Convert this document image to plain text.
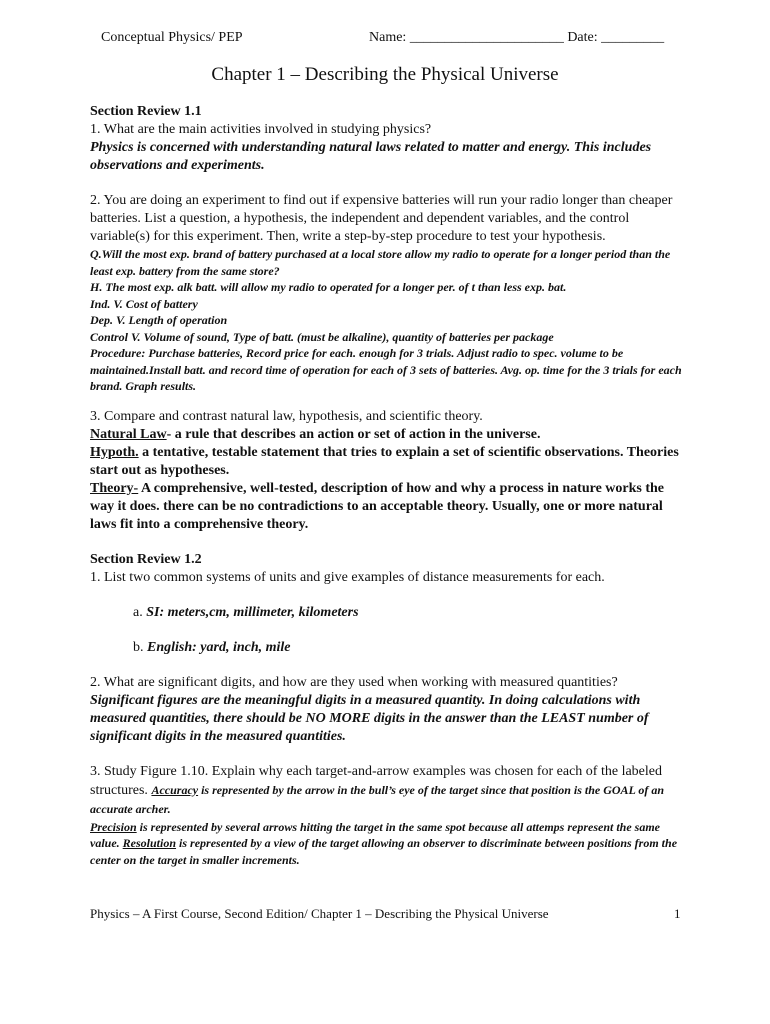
Conceptual Physics/ PEP	Name: ______________________ Date: _________
Chapter 1 – Describing the Physical Universe

Section Review 1.1

1. What are the main activities involved in studying physics?

Physics is concerned with understanding natural laws related to matter and energy. This includes observations and experiments.

2. You are doing an experiment to find out if expensive batteries will run your radio longer than cheaper batteries. List a question, a hypothesis, the independent and dependent variables, and the control variable(s) for this experiment. Then, write a step-by-step procedure to test your hypothesis.

Q.Will the most exp. brand of battery purchased at a local store allow my radio to operate for a longer period than the least exp. battery from the same store?

H. The most exp. alk batt. will allow my radio to operated for a longer per. of t than less exp. bat.

Ind. V. Cost of battery

Dep. V. Length of operation

Control V. Volume of sound, Type of batt. (must be alkaline), quantity of batteries per package

Procedure: Purchase batteries, Record price for each. enough for 3 trials. Adjust radio to spec. volume to be maintained.Install batt. and record time of operation for each of 3 sets of batteries. Avg. op. time for the 3 trials for each brand. Graph results.

3. Compare and contrast natural law, hypothesis, and scientific theory.

Natural Law- a rule that describes an action or set of action in the universe.

Hypoth. a tentative, testable statement that tries to explain a set of scientific observations. Theories start out as hypotheses.

Theory- A comprehensive, well-tested, description of how and why a process in nature works the way it does. there can be no contradictions to an acceptable theory. Usually, one or more natural laws fit into a comprehensive theory.

Section Review 1.2

1. List two common systems of units and give examples of distance measurements for each.

a. SI: meters,cm, millimeter, kilometers

b. English: yard, inch, mile

2. What are significant digits, and how are they used when working with measured quantities?

Significant figures are the meaningful digits in a measured quantity. In doing calculations with measured quantities, there should be NO MORE digits in the answer than the LEAST number of significant digits in the measured quantities.

3. Study Figure 1.10. Explain why each target-and-arrow examples was chosen for each of the labeled structures. Accuracy is represented by the arrow in the bull’s eye of the target since that position is the GOAL of an accurate archer.

Precision is represented by several arrows hitting the target in the same spot because all attemps represent the same value. Resolution is represented by a view of the target allowing an observer to discriminate between positions from the center on the target in smaller increments.

Physics – A First Course, Second Edition/ Chapter 1 – Describing the Physical Universe	1
